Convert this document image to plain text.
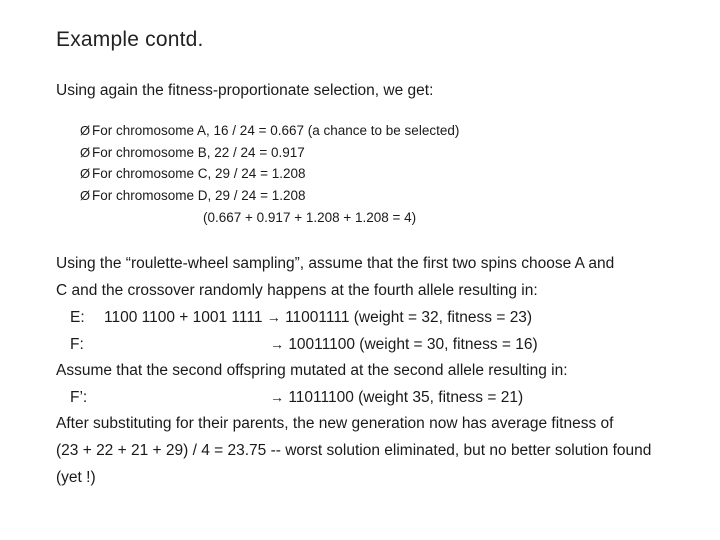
Example contd.
Using again the fitness-proportionate selection, we get:
Ø For chromosome A, 16 / 24 = 0.667 (a chance to be selected)
Ø For chromosome B, 22 / 24 = 0.917
Ø For chromosome C, 29 / 24 = 1.208
Ø For chromosome D, 29 / 24 = 1.208
(0.667 + 0.917 + 1.208 + 1.208 = 4)
Using the “roulette-wheel sampling”, assume that the first two spins choose A and
C and the crossover randomly happens at the fourth allele resulting in:
E: 1100 1100 + 1001 1111 → 11001111 (weight = 32, fitness = 23)
F:	→ 10011100 (weight = 30, fitness = 16)
Assume that the second offspring mutated at the second allele resulting in:
F’:	→ 11011100 (weight 35, fitness = 21)
After substituting for their parents, the new generation now has average fitness of
(23 + 22 + 21 + 29) / 4 = 23.75 -- worst solution eliminated, but no better solution found
(yet !)
